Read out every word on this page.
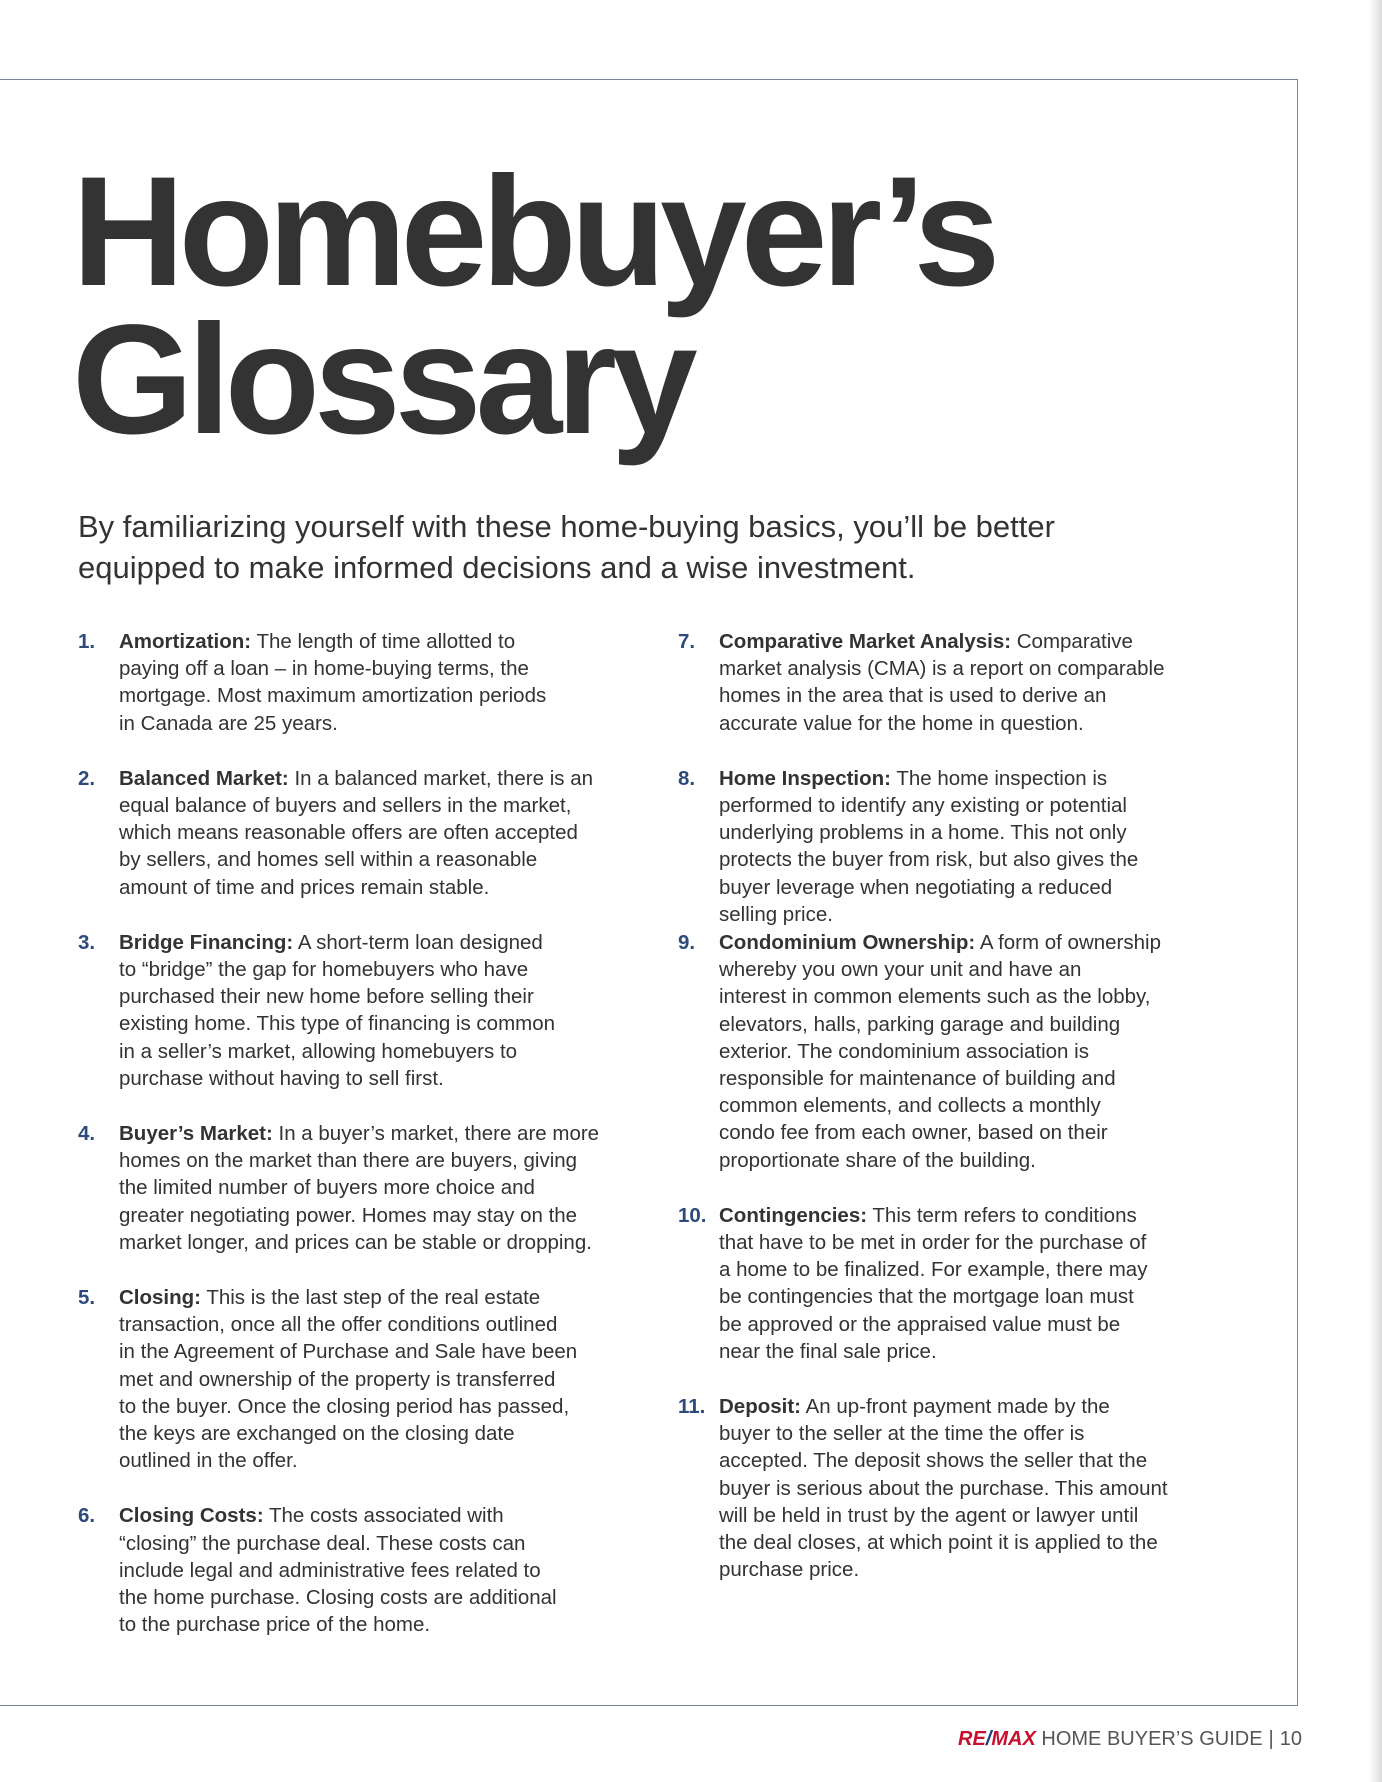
Homebuyer’s
Glossary

By familiarizing yourself with these home-buying basics, you’ll be better
equipped to make informed decisions and a wise investment.

1. Amortization: The length of time allotted to
paying off a loan – in home-buying terms, the
mortgage. Most maximum amortization periods
in Canada are 25 years.
2. Balanced Market: In a balanced market, there is an
equal balance of buyers and sellers in the market,
which means reasonable offers are often accepted
by sellers, and homes sell within a reasonable
amount of time and prices remain stable.
3. Bridge Financing: A short-term loan designed
to “bridge” the gap for homebuyers who have
purchased their new home before selling their
existing home. This type of financing is common
in a seller’s market, allowing homebuyers to
purchase without having to sell first.
4. Buyer’s Market: In a buyer’s market, there are more
homes on the market than there are buyers, giving
the limited number of buyers more choice and
greater negotiating power. Homes may stay on the
market longer, and prices can be stable or dropping.
5. Closing: This is the last step of the real estate
transaction, once all the offer conditions outlined
in the Agreement of Purchase and Sale have been
met and ownership of the property is transferred
to the buyer. Once the closing period has passed,
the keys are exchanged on the closing date
outlined in the offer.
6. Closing Costs: The costs associated with
“closing” the purchase deal. These costs can
include legal and administrative fees related to
the home purchase. Closing costs are additional
to the purchase price of the home.
7. Comparative Market Analysis: Comparative
market analysis (CMA) is a report on comparable
homes in the area that is used to derive an
accurate value for the home in question.
8. Home Inspection: The home inspection is
performed to identify any existing or potential
underlying problems in a home. This not only
protects the buyer from risk, but also gives the
buyer leverage when negotiating a reduced
selling price.
9. Condominium Ownership: A form of ownership
whereby you own your unit and have an
interest in common elements such as the lobby,
elevators, halls, parking garage and building
exterior. The condominium association is
responsible for maintenance of building and
common elements, and collects a monthly
condo fee from each owner, based on their
proportionate share of the building.
10. Contingencies: This term refers to conditions
that have to be met in order for the purchase of
a home to be finalized. For example, there may
be contingencies that the mortgage loan must
be approved or the appraised value must be
near the final sale price.
11. Deposit: An up-front payment made by the
buyer to the seller at the time the offer is
accepted. The deposit shows the seller that the
buyer is serious about the purchase. This amount
will be held in trust by the agent or lawyer until
the deal closes, at which point it is applied to the
purchase price.
RE/MAX HOME BUYER’S GUIDE | 10
